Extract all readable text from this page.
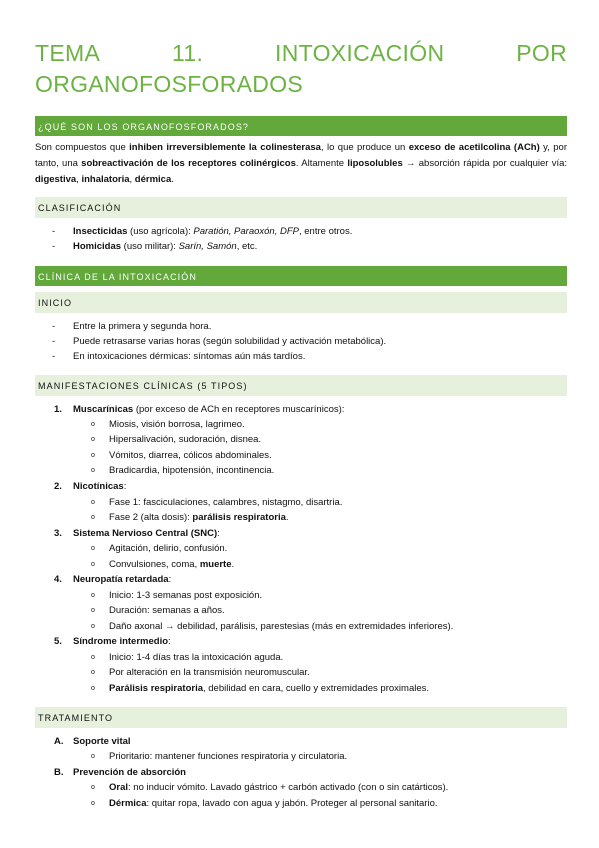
TEMA	11.	INTOXICACIÓN	POR
ORGANOFOSFORADOS
¿QUÉ SON LOS ORGANOFOSFORADOS?
Son compuestos que inhiben irreversiblemente la colinesterasa, lo que produce un exceso de acetilcolina (ACh) y, por tanto, una sobreactivación de los receptores colinérgicos. Altamente liposolubles → absorción rápida por cualquier vía: digestiva, inhalatoria, dérmica.
CLASIFICACIÓN
- Insecticidas (uso agrícola): Paratión, Paraoxón, DFP, entre otros.
- Homicidas (uso militar): Sarín, Samón, etc.
CLÍNICA DE LA INTOXICACIÓN
INICIO
- Entre la primera y segunda hora.
- Puede retrasarse varias horas (según solubilidad y activación metabólica).
- En intoxicaciones dérmicas: síntomas aún más tardíos.
MANIFESTACIONES CLÍNICAS (5 TIPOS)
1. Muscarínicas (por exceso de ACh en receptores muscarínicos):
o Miosis, visión borrosa, lagrimeo.
o Hipersalivación, sudoración, disnea.
o Vómitos, diarrea, cólicos abdominales.
o Bradicardia, hipotensión, incontinencia.
2. Nicotínicas:
o Fase 1: fasciculaciones, calambres, nistagmo, disartria.
o Fase 2 (alta dosis): parálisis respiratoria.
3. Sistema Nervioso Central (SNC):
o Agitación, delirio, confusión.
o Convulsiones, coma, muerte.
4. Neuropatía retardada:
o Inicio: 1-3 semanas post exposición.
o Duración: semanas a años.
o Daño axonal → debilidad, parálisis, parestesias (más en extremidades inferiores).
5. Síndrome intermedio:
o Inicio: 1-4 días tras la intoxicación aguda.
o Por alteración en la transmisión neuromuscular.
o Parálisis respiratoria, debilidad en cara, cuello y extremidades proximales.
TRATAMIENTO
A. Soporte vital
o Prioritario: mantener funciones respiratoria y circulatoria.
B. Prevención de absorción
o Oral: no inducir vómito. Lavado gástrico + carbón activado (con o sin catárticos).
o Dérmica: quitar ropa, lavado con agua y jabón. Proteger al personal sanitario.
